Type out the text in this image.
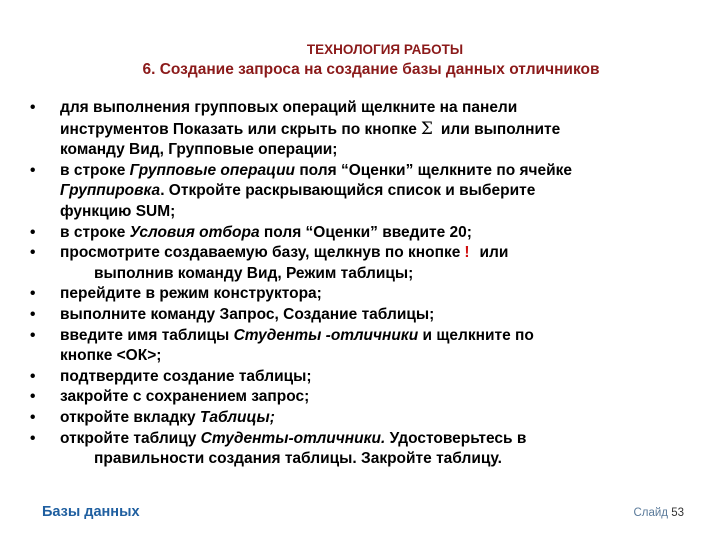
ТЕХНОЛОГИЯ РАБОТЫ
6. Создание запроса на создание базы данных отличников
• для выполнения групповых операций щелкните на панели
инструментов Показать или скрыть по кнопке Σ или выполните
команду Вид, Групповые операции;
• в строке Групповые операции поля “Оценки” щелкните по ячейке
Группировка. Откройте раскрывающийся список и выберите
функцию SUM;
• в строке Условия отбора поля “Оценки” введите 20;
• просмотрите создаваемую базу, щелкнув по кнопке ! или
выполнив команду Вид, Режим таблицы;
• перейдите в режим конструктора;
• выполните команду Запрос, Создание таблицы;
• введите имя таблицы Студенты -отличники и щелкните по
кнопке <ОК>;
• подтвердите создание таблицы;
• закройте с сохранением запрос;
• откройте вкладку Таблицы;
• откройте таблицу Студенты-отличники. Удостоверьтесь в
правильности создания таблицы. Закройте таблицу.
Базы данных	Слайд 53
